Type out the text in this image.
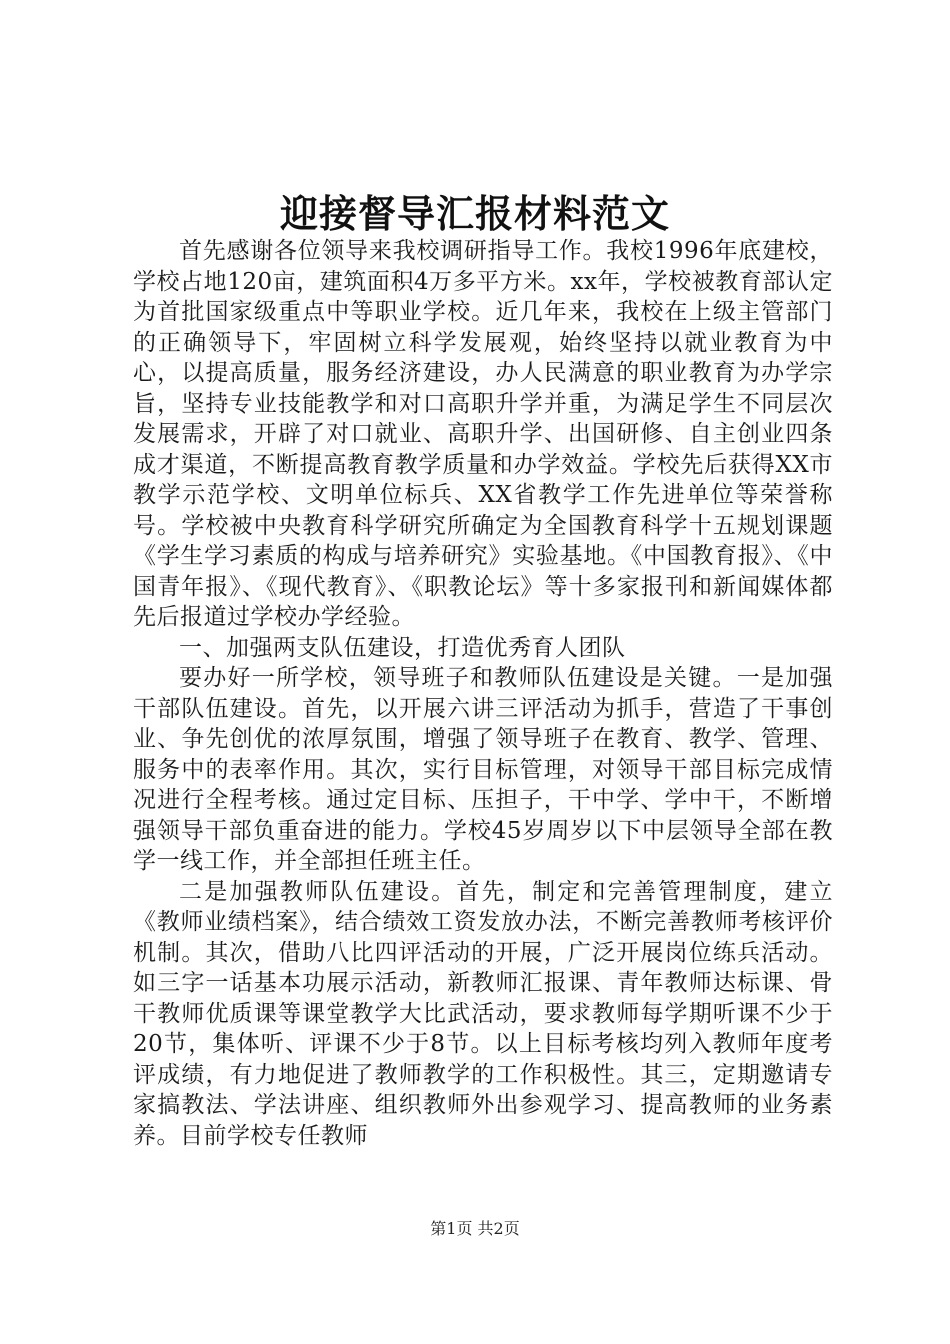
迎接督导汇报材料范文

首先感谢各位领导来我校调研指导工作。我校1996年底建校，学校占地120亩，建筑面积4万多平方米。xx年，学校被教育部认定为首批国家级重点中等职业学校。近几年来，我校在上级主管部门的正确领导下，牢固树立科学发展观，始终坚持以就业教育为中心，以提高质量，服务经济建设，办人民满意的职业教育为办学宗旨，坚持专业技能教学和对口高职升学并重，为满足学生不同层次发展需求，开辟了对口就业、高职升学、出国研修、自主创业四条成才渠道，不断提高教育教学质量和办学效益。学校先后获得XX市教学示范学校、文明单位标兵、XX省教学工作先进单位等荣誉称号。学校被中央教育科学研究所确定为全国教育科学十五规划课题《学生学习素质的构成与培养研究》实验基地。《中国教育报》、《中国青年报》、《现代教育》、《职教论坛》等十多家报刊和新闻媒体都先后报道过学校办学经验。

一、加强两支队伍建设，打造优秀育人团队

要办好一所学校，领导班子和教师队伍建设是关键。一是加强干部队伍建设。首先，以开展六讲三评活动为抓手，营造了干事创业、争先创优的浓厚氛围，增强了领导班子在教育、教学、管理、服务中的表率作用。其次，实行目标管理，对领导干部目标完成情况进行全程考核。通过定目标、压担子，干中学、学中干，不断增强领导干部负重奋进的能力。学校45岁周岁以下中层领导全部在教学一线工作，并全部担任班主任。

二是加强教师队伍建设。首先，制定和完善管理制度，建立《教师业绩档案》，结合绩效工资发放办法，不断完善教师考核评价机制。其次，借助八比四评活动的开展，广泛开展岗位练兵活动。如三字一话基本功展示活动，新教师汇报课、青年教师达标课、骨干教师优质课等课堂教学大比武活动，要求教师每学期听课不少于20节，集体听、评课不少于8节。以上目标考核均列入教师年度考评成绩，有力地促进了教师教学的工作积极性。其三，定期邀请专家搞教法、学法讲座、组织教师外出参观学习、提高教师的业务素养。目前学校专任教师

第1页 共2页
